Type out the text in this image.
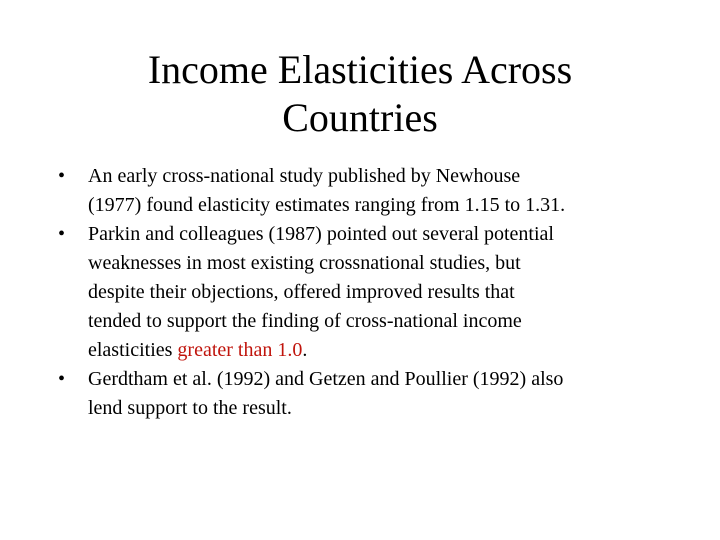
Income Elasticities Across
Countries
•	An early cross-national study published by Newhouse
(1977) found elasticity estimates ranging from 1.15 to 1.31.
•	Parkin and colleagues (1987) pointed out several potential
weaknesses in most existing crossnational studies, but
despite their objections, offered improved results that
tended to support the finding of cross-national income
elasticities greater than 1.0.
•	Gerdtham et al. (1992) and Getzen and Poullier (1992) also
lend support to the result.
